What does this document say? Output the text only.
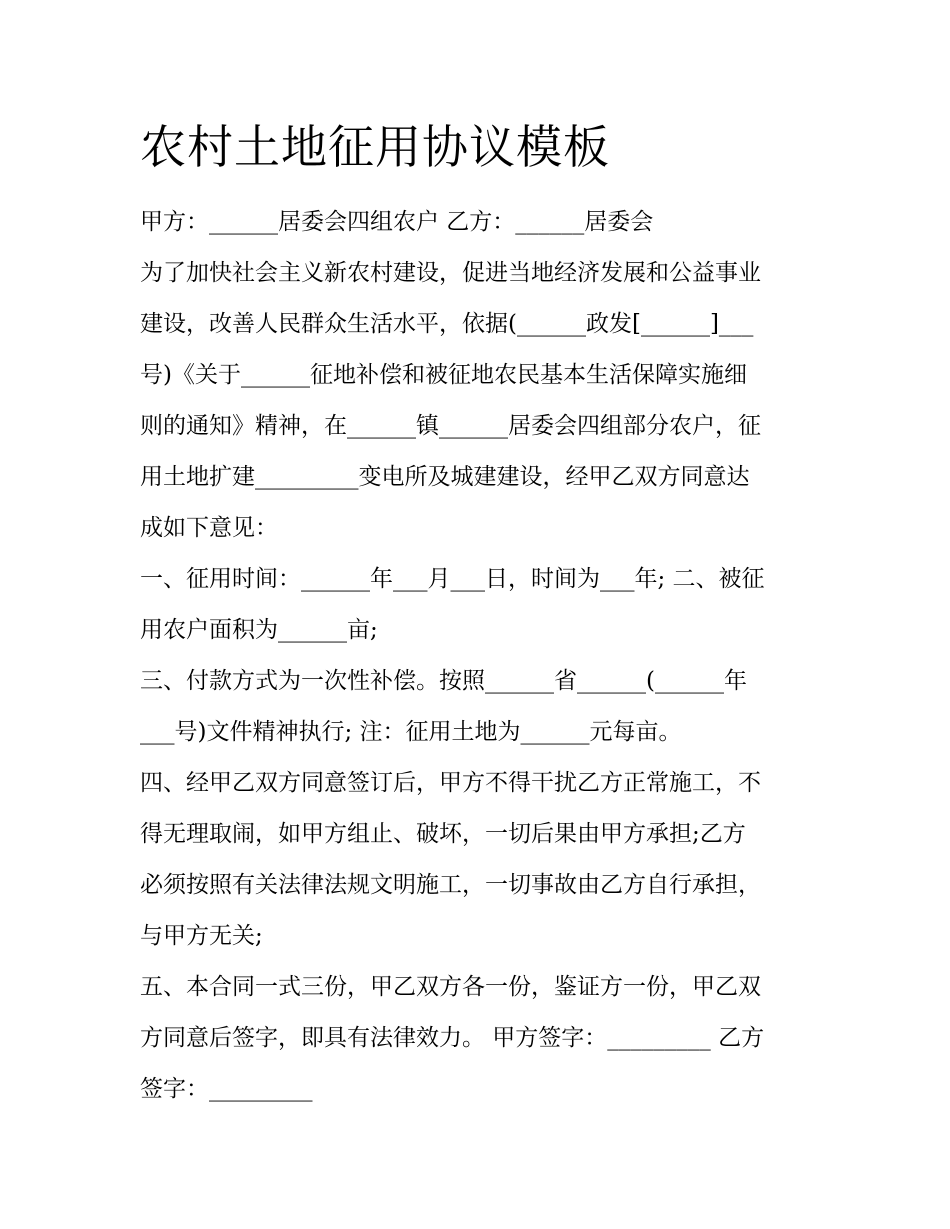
农村土地征用协议模板
甲方：______居委会四组农户 乙方：______居委会
为了加快社会主义新农村建设，促进当地经济发展和公益事业
建设，改善人民群众生活水平，依据(______政发[______]___
号)《关于______征地补偿和被征地农民基本生活保障实施细
则的通知》精神，在______镇______居委会四组部分农户，征
用土地扩建_________变电所及城建建设，经甲乙双方同意达
成如下意见：
一、征用时间：______年___月___日，时间为___年; 二、被征
用农户面积为______亩;
三、付款方式为一次性补偿。按照______省______(______年
___号)文件精神执行; 注：征用土地为______元每亩。
四、经甲乙双方同意签订后，甲方不得干扰乙方正常施工，不
得无理取闹，如甲方组止、破坏，一切后果由甲方承担;乙方
必须按照有关法律法规文明施工，一切事故由乙方自行承担，
与甲方无关;
五、本合同一式三份，甲乙双方各一份，鉴证方一份，甲乙双
方同意后签字，即具有法律效力。 甲方签字：_________ 乙方
签字：_________
